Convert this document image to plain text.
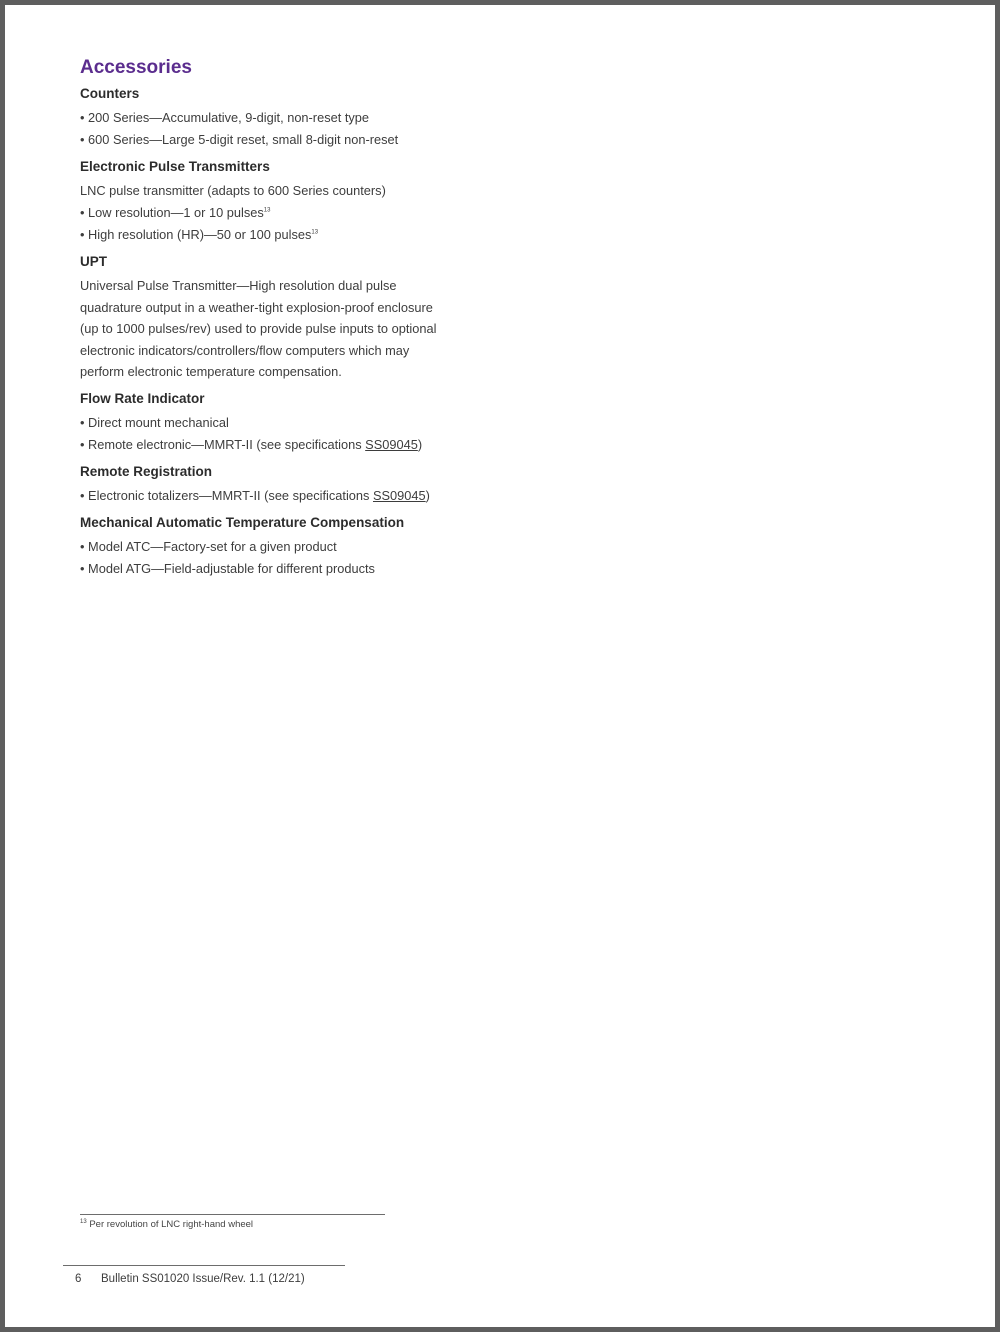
Accessories
Counters
• 200 Series—Accumulative, 9-digit, non-reset type
• 600 Series—Large 5-digit reset, small 8-digit non-reset
Electronic Pulse Transmitters
LNC pulse transmitter (adapts to 600 Series counters)
• Low resolution—1 or 10 pulses$^{13}$
• High resolution (HR)—50 or 100 pulses$^{13}$
UPT

Universal Pulse Transmitter—High resolution dual pulse quadrature output in a weather-tight explosion-proof enclosure (up to 1000 pulses/rev) used to provide pulse inputs to optional electronic indicators/controllers/flow computers which may perform electronic temperature compensation.

Flow Rate Indicator
• Direct mount mechanical
• Remote electronic—MMRT-II (see specifications SS09045)
Remote Registration
• Electronic totalizers—MMRT-II (see specifications SS09045)
Mechanical Automatic Temperature Compensation
• Model ATC—Factory-set for a given product
• Model ATG—Field-adjustable for different products
$^{13}$ Per revolution of LNC right-hand wheel
6 Bulletin SS01020 Issue/Rev. 1.1 (12/21)
